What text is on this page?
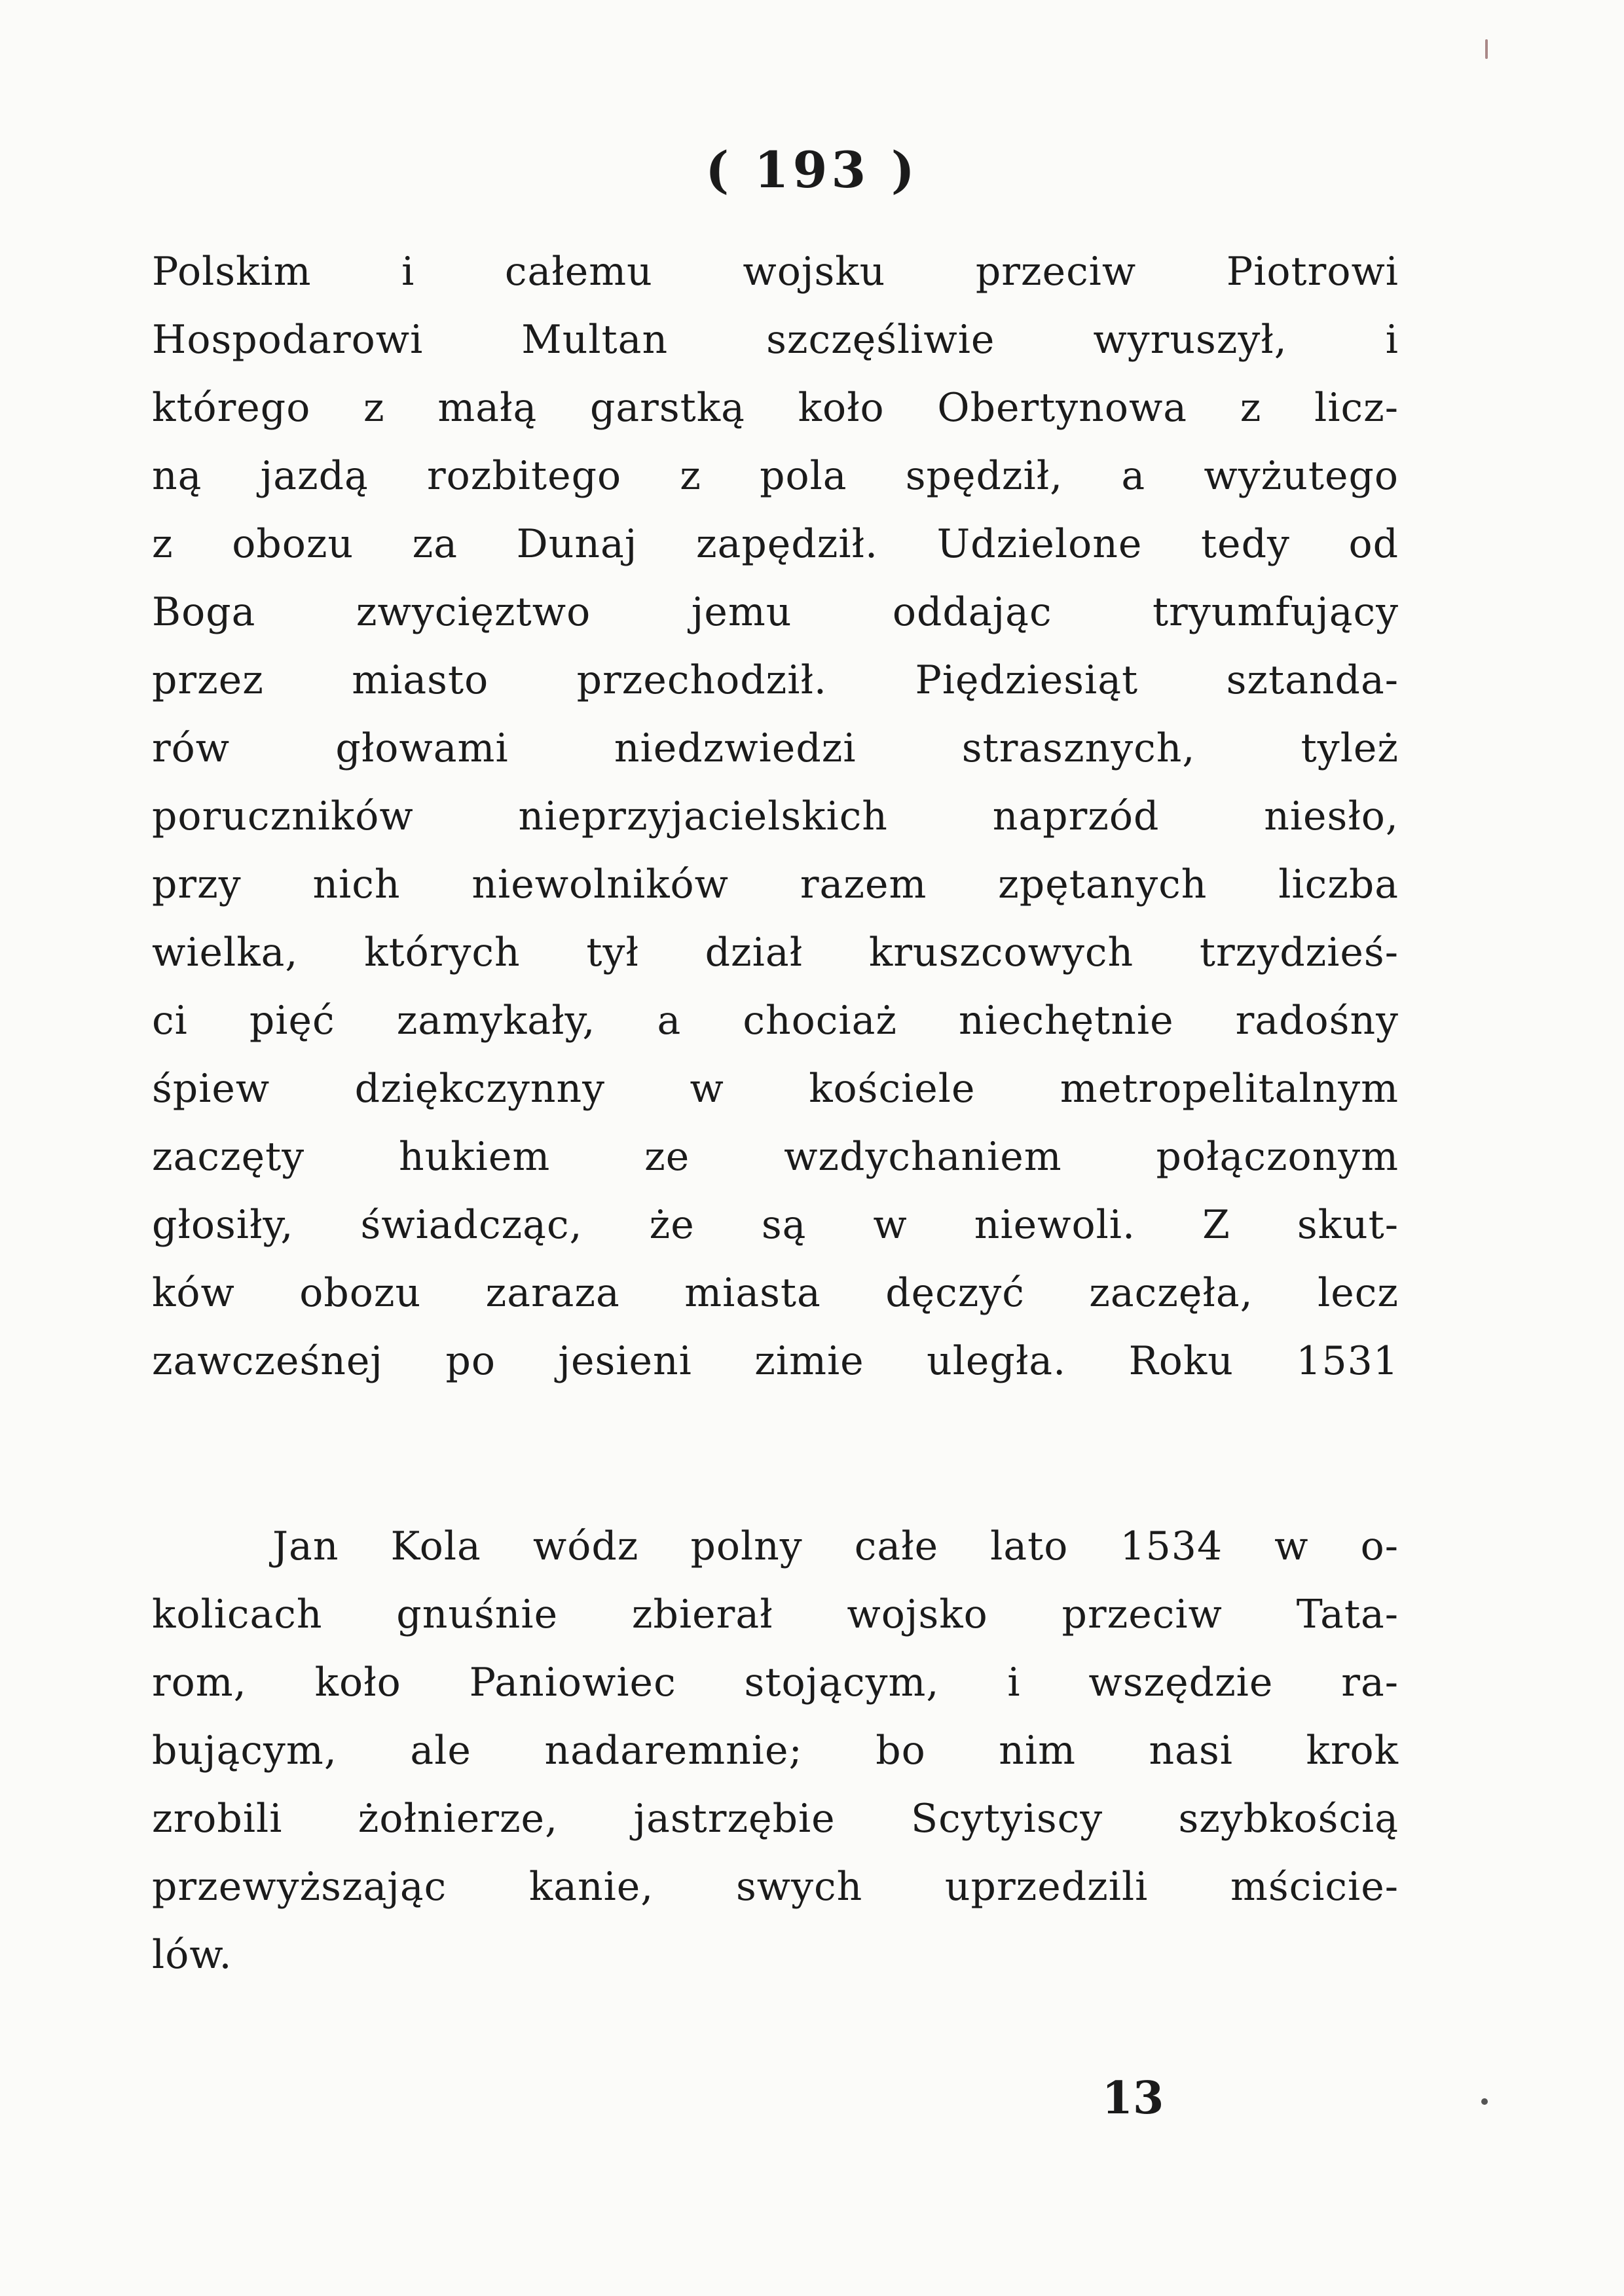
( 193 )
Polskim i całemu wojsku przeciw Piotrowi
Hospodarowi Multan szczęśliwie wyruszył, i
którego z małą garstką koło Obertynowa z licz-
ną jazdą rozbitego z pola spędził, a wyżutego
z obozu za Dunaj zapędził. Udzielone tedy od
Boga zwycięztwo jemu oddając tryumfujący
przez miasto przechodził. Piędziesiąt sztanda-
rów głowami niedzwiedzi strasznych, tyleż
poruczników nieprzyjacielskich naprzód niesło,
przy nich niewolników razem zpętanych liczba
wielka, których tył dział kruszcowych trzydzieś-
ci pięć zamykały, a chociaż niechętnie radośny
śpiew dziękczynny w kościele metropelitalnym
zaczęty hukiem ze wzdychaniem połączonym
głosiły, świadcząc, że są w niewoli. Z skut-
ków obozu zaraza miasta dęczyć zaczęła, lecz
zawcześnej po jesieni zimie uległa. Roku 1531
Jan Kola wódz polny całe lato 1534 w o-
kolicach gnuśnie zbierał wojsko przeciw Tata-
rom, koło Paniowiec stojącym, i wszędzie ra-
bującym, ale nadaremnie; bo nim nasi krok
zrobili żołnierze, jastrzębie Scytyiscy szybkością
przewyższając kanie, swych uprzedzili mścicie-
lów.
13
